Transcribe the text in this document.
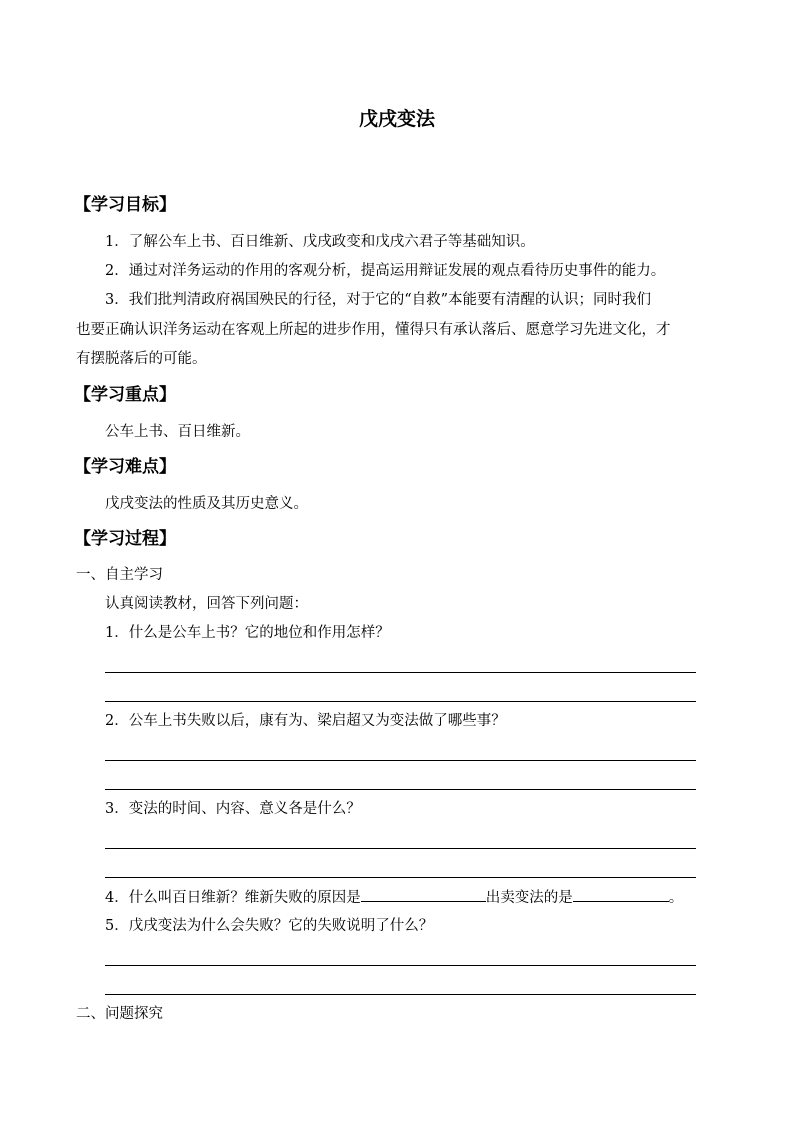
戊戌变法
【学习目标】
1．了解公车上书、百日维新、戊戌政变和戊戌六君子等基础知识。
2．通过对洋务运动的作用的客观分析，提高运用辩证发展的观点看待历史事件的能力。
3．我们批判清政府祸国殃民的行径，对于它的“自救”本能要有清醒的认识；同时我们
也要正确认识洋务运动在客观上所起的进步作用，懂得只有承认落后、愿意学习先进文化，才
有摆脱落后的可能。
【学习重点】
公车上书、百日维新。
【学习难点】
戊戌变法的性质及其历史意义。
【学习过程】
一、自主学习
认真阅读教材，回答下列问题：
1．什么是公车上书？它的地位和作用怎样？
2．公车上书失败以后，康有为、梁启超又为变法做了哪些事？
3．变法的时间、内容、意义各是什么？
4．什么叫百日维新？维新失败的原因是	出卖变法的是	。
5．戊戌变法为什么会失败？它的失败说明了什么？
二、问题探究
